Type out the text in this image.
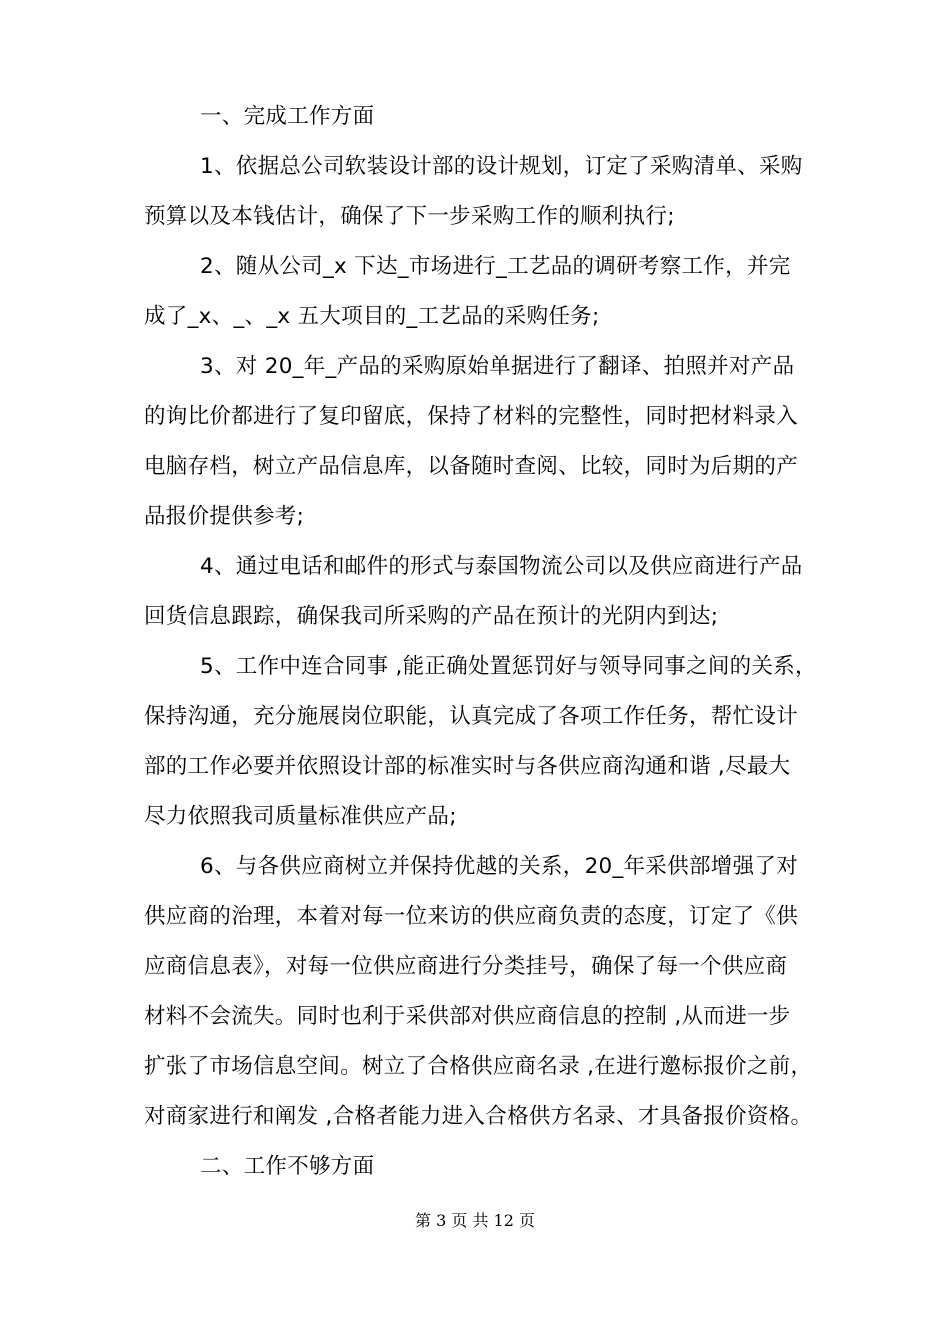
一、完成工作方面
1、依据总公司软装设计部的设计规划，订定了采购清单、采购
预算以及本钱估计，确保了下一步采购工作的顺利执行;
2、随从公司_x 下达_市场进行_工艺品的调研考察工作，并完
成了_x、_、_x 五大项目的_工艺品的采购任务;
3、对 20_年_产品的采购原始单据进行了翻译、拍照并对产品
的询比价都进行了复印留底，保持了材料的完整性，同时把材料录入
电脑存档，树立产品信息库，以备随时查阅、比较，同时为后期的产
品报价提供参考;
4、通过电话和邮件的形式与泰国物流公司以及供应商进行产品
回货信息跟踪，确保我司所采购的产品在预计的光阴内到达;
5、工作中连合同事 ,能正确处置惩罚好与领导同事之间的关系，
保持沟通，充分施展岗位职能，认真完成了各项工作任务，帮忙设计
部的工作必要并依照设计部的标准实时与各供应商沟通和谐 ,尽最大
尽力依照我司质量标准供应产品;
6、与各供应商树立并保持优越的关系，20_年采供部增强了对
供应商的治理，本着对每一位来访的供应商负责的态度，订定了《供
应商信息表》，对每一位供应商进行分类挂号，确保了每一个供应商
材料不会流失。同时也利于采供部对供应商信息的控制 ,从而进一步
扩张了市场信息空间。树立了合格供应商名录 ,在进行邀标报价之前，
对商家进行和阐发 ,合格者能力进入合格供方名录、才具备报价资格。
二、工作不够方面
第 3 页 共 12 页
